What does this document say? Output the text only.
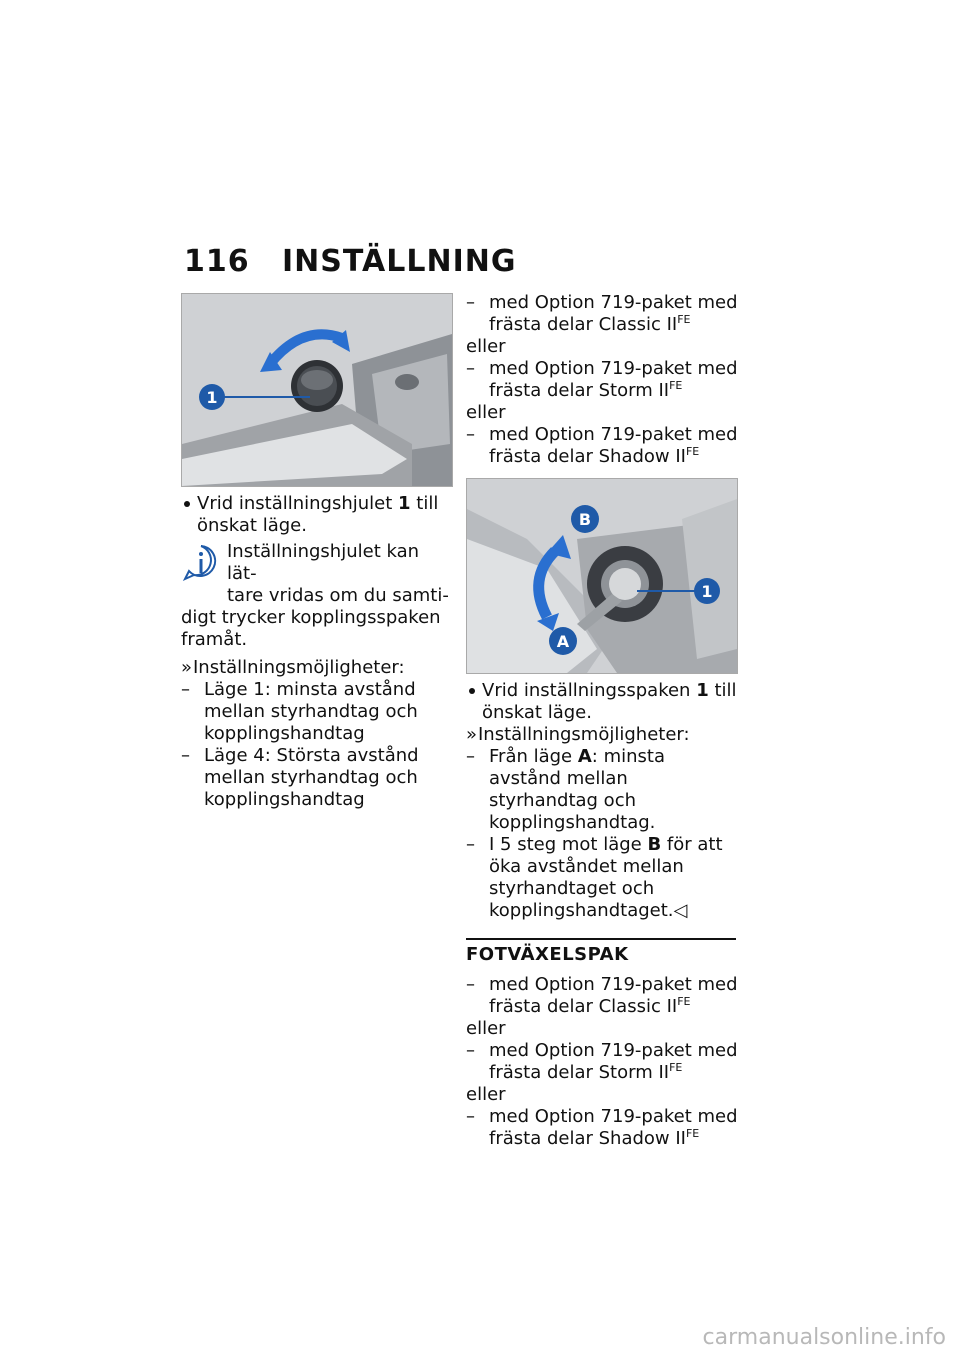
116 INSTÄLLNING
1
Vrid inställningshjulet 1 till önskat läge.
Inställningshjulet kan lät-
tare vridas om du samti-
digt trycker kopplingsspaken framåt.
» Inställningsmöjligheter:
– Läge 1: minsta avstånd mellan styrhandtag och kopplingshandtag
– Läge 4: Största avstånd mellan styrhandtag och kopplingshandtag
– med Option 719-paket med frästa delar Classic $II^{FE}$
eller
– med Option 719-paket med frästa delar Storm $II^{FE}$
eller
– med Option 719-paket med frästa delar Shadow $II^{FE}$
1
B
A
Vrid inställningsspaken 1 till önskat läge.
» Inställningsmöjligheter:
– Från läge A: minsta avstånd mellan styrhandtag och kopplingshandtag.
– I 5 steg mot läge B för att öka avståndet mellan styrhandtaget och kopplingshandtaget.◁
FOTVÄXELSPAK
– med Option 719-paket med frästa delar Classic $II^{FE}$
eller
– med Option 719-paket med frästa delar Storm $II^{FE}$
eller
– med Option 719-paket med frästa delar Shadow $II^{FE}$
carmanualsonline.info
